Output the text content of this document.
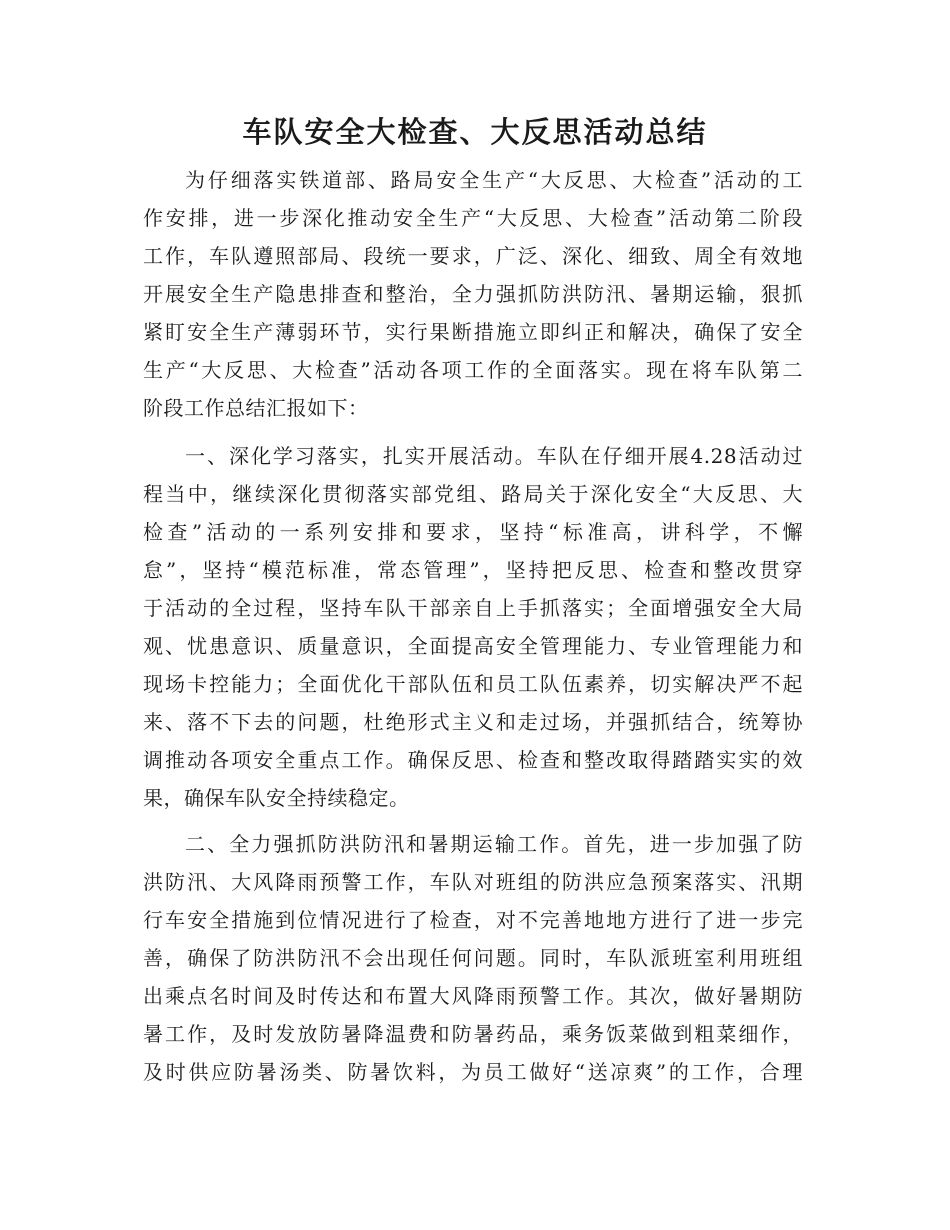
车队安全大检查、大反思活动总结
为仔细落实铁道部、路局安全生产“大反思、大检查”活动的工
作安排，进一步深化推动安全生产“大反思、大检查”活动第二阶段
工作，车队遵照部局、段统一要求，广泛、深化、细致、周全有效地
开展安全生产隐患排查和整治，全力强抓防洪防汛、暑期运输，狠抓
紧盯安全生产薄弱环节，实行果断措施立即纠正和解决，确保了安全
生产“大反思、大检查”活动各项工作的全面落实。现在将车队第二
阶段工作总结汇报如下：
一、深化学习落实，扎实开展活动。车队在仔细开展4.28活动过
程当中，继续深化贯彻落实部党组、路局关于深化安全“大反思、大
检查”活动的一系列安排和要求，坚持“标准高，讲科学，不懈
怠”，坚持“模范标准，常态管理”，坚持把反思、检查和整改贯穿
于活动的全过程，坚持车队干部亲自上手抓落实；全面增强安全大局
观、忧患意识、质量意识，全面提高安全管理能力、专业管理能力和
现场卡控能力；全面优化干部队伍和员工队伍素养，切实解决严不起
来、落不下去的问题，杜绝形式主义和走过场，并强抓结合，统筹协
调推动各项安全重点工作。确保反思、检查和整改取得踏踏实实的效
果，确保车队安全持续稳定。
二、全力强抓防洪防汛和暑期运输工作。首先，进一步加强了防
洪防汛、大风降雨预警工作，车队对班组的防洪应急预案落实、汛期
行车安全措施到位情况进行了检查，对不完善地地方进行了进一步完
善，确保了防洪防汛不会出现任何问题。同时，车队派班室利用班组
出乘点名时间及时传达和布置大风降雨预警工作。其次，做好暑期防
暑工作，及时发放防暑降温费和防暑药品，乘务饭菜做到粗菜细作，
及时供应防暑汤类、防暑饮料，为员工做好“送凉爽”的工作，合理
